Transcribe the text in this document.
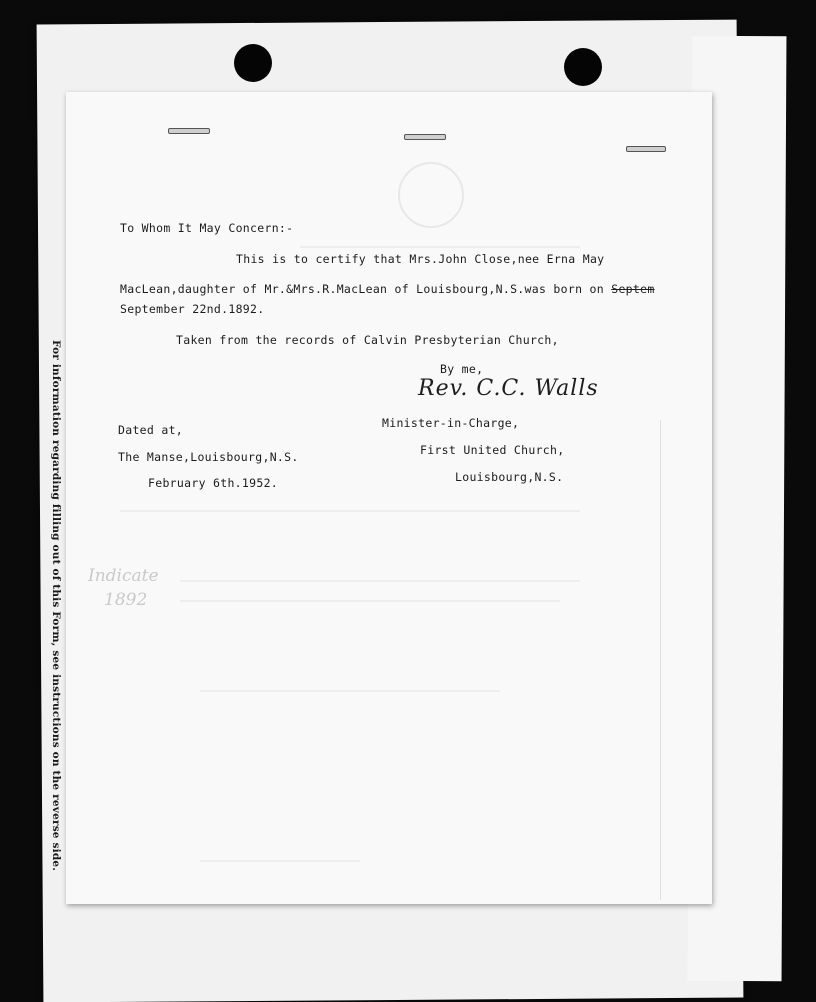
For information regarding filling out of this Form, see instructions on the reverse side. Indicate
1892
To Whom It May Concern:-
This is to certify that Mrs.John Close,nee Erna May
MacLean,daughter of Mr.&Mrs.R.MacLean of Louisbourg,N.S.was born on Septem
September 22nd.1892.
Taken from the records of Calvin Presbyterian Church,
By me,
Rev. C.C. Walls
Minister-in-Charge,
First United Church,
Louisbourg,N.S.
Dated at,
The Manse,Louisbourg,N.S.
February 6th.1952.
